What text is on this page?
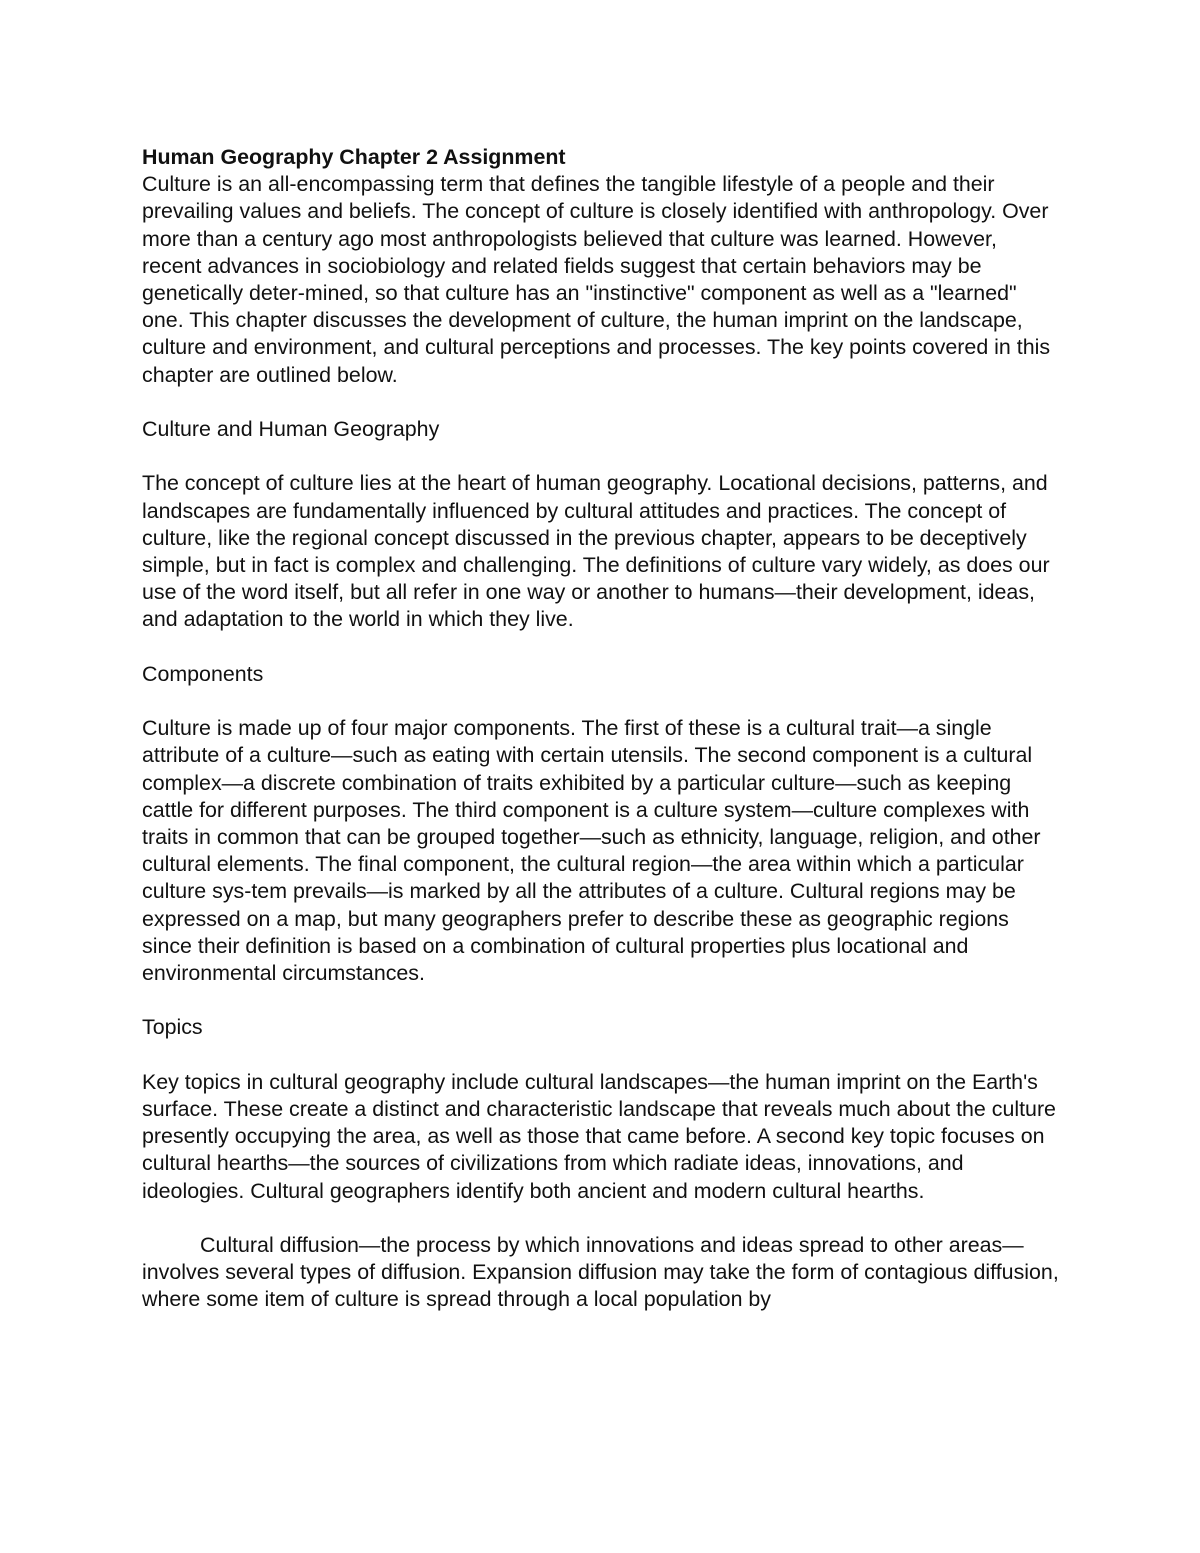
Human Geography Chapter 2 Assignment

Culture is an all-encompassing term that defines the tangible lifestyle of a people and their prevailing values and beliefs. The concept of culture is closely identified with anthropology. Over more than a century ago most anthropologists believed that culture was learned. However, recent advances in sociobiology and related fields suggest that certain behaviors may be genetically deter-mined, so that culture has an "instinctive" component as well as a "learned" one. This chapter discusses the development of culture, the human imprint on the landscape, culture and environment, and cultural perceptions and processes. The key points covered in this chapter are outlined below.

Culture and Human Geography

The concept of culture lies at the heart of human geography. Locational decisions, patterns, and landscapes are fundamentally influenced by cultural attitudes and practices. The concept of culture, like the regional concept discussed in the previous chapter, appears to be deceptively simple, but in fact is complex and challenging. The definitions of culture vary widely, as does our use of the word itself, but all refer in one way or another to humans—their development, ideas, and adaptation to the world in which they live.

Components

Culture is made up of four major components. The first of these is a cultural trait—a single attribute of a culture—such as eating with certain utensils. The second component is a cultural complex—a discrete combination of traits exhibited by a particular culture—such as keeping cattle for different purposes. The third component is a culture system—culture complexes with traits in common that can be grouped together—such as ethnicity, language, religion, and other cultural elements. The final component, the cultural region—the area within which a particular culture sys-tem prevails—is marked by all the attributes of a culture. Cultural regions may be expressed on a map, but many geographers prefer to describe these as geographic regions since their definition is based on a combination of cultural properties plus locational and environmental circumstances.

Topics

Key topics in cultural geography include cultural landscapes—the human imprint on the Earth's surface. These create a distinct and characteristic landscape that reveals much about the culture presently occupying the area, as well as those that came before. A second key topic focuses on cultural hearths—the sources of civilizations from which radiate ideas, innovations, and ideologies. Cultural geographers identify both ancient and modern cultural hearths.

Cultural diffusion—the process by which innovations and ideas spread to other areas—involves several types of diffusion. Expansion diffusion may take the form of contagious diffusion, where some item of culture is spread through a local population by
